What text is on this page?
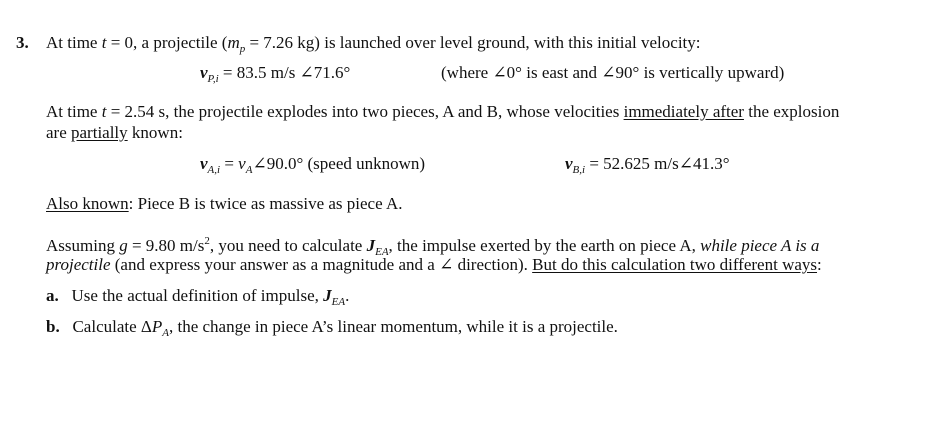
3. At time t = 0, a projectile ($m_p = 7.26$ kg) is launched over level ground, with this initial velocity:
$v_{P,i} = 83.5$ m/s ∠71.6°	(where ∠0° is east and ∠90° is vertically upward)
At time t = 2.54 s, the projectile explodes into two pieces, A and B, whose velocities immediately after the explosion
are partially known:
$v_{A,i}$ = $v_A\angle 90.0^\circ$ (speed unknown)	$v_{B,i} = 52.625$ m/s∠41.3°
Also known: Piece B is twice as massive as piece A.
Assuming g = 9.80 $m/s^2$, you need to calculate $J_{EA}$, the impulse exerted by the earth on piece A, while piece A is a
projectile (and express your answer as a magnitude and a ∠ direction). But do this calculation two different ways:
a. Use the actual definition of impulse, $J_{EA}$.
b. Calculate $\Delta P_A$, the change in piece A’s linear momentum, while it is a projectile.
